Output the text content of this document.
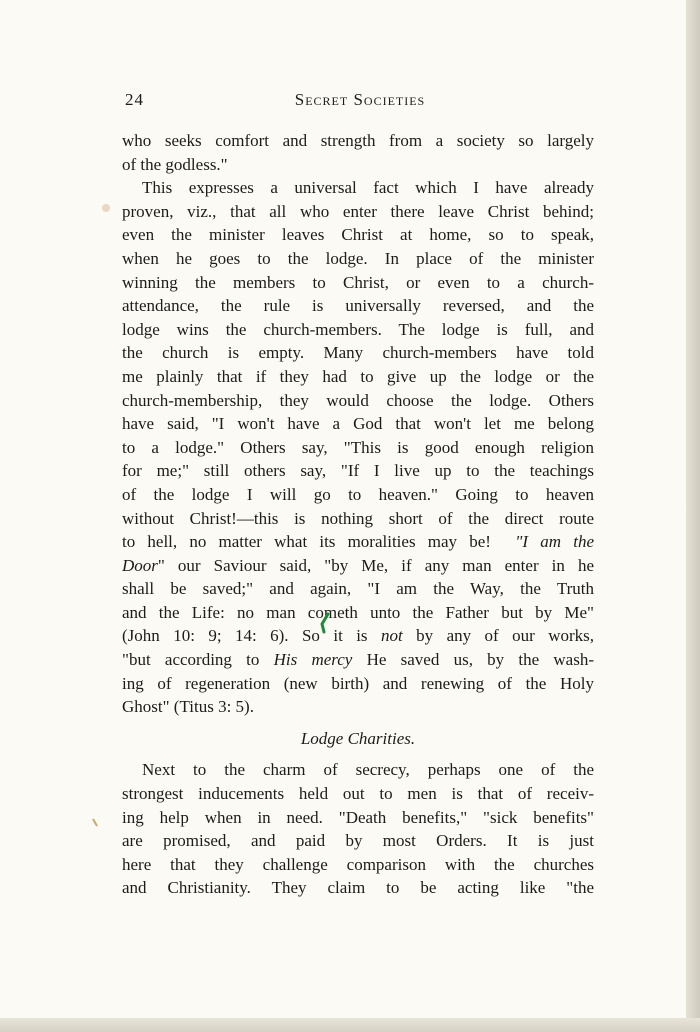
24	Secret Societies
who seeks comfort and strength from a society so largely
of the godless."
This expresses a universal fact which I have already
proven, viz., that all who enter there leave Christ behind;
even the minister leaves Christ at home, so to speak,
when he goes to the lodge. In place of the minister
winning the members to Christ, or even to a church-
attendance, the rule is universally reversed, and the
lodge wins the church-members. The lodge is full, and
the church is empty. Many church-members have told
me plainly that if they had to give up the lodge or the
church-membership, they would choose the lodge. Others
have said, "I won't have a God that won't let me belong
to a lodge." Others say, "This is good enough religion
for me;" still others say, "If I live up to the teachings
of the lodge I will go to heaven." Going to heaven
without Christ!—this is nothing short of the direct route
to hell, no matter what its moralities may be! "I am the
Door" our Saviour said, "by Me, if any man enter in he
shall be saved;" and again, "I am the Way, the Truth
and the Life: no man cometh unto the Father but by Me"
(John 10: 9; 14: 6). So it is not by any of our works,
"but according to His mercy He saved us, by the wash-
ing of regeneration (new birth) and renewing of the Holy
Ghost" (Titus 3: 5).
Lodge Charities.
Next to the charm of secrecy, perhaps one of the
strongest inducements held out to men is that of receiv-
ing help when in need. "Death benefits," "sick benefits"
are promised, and paid by most Orders. It is just
here that they challenge comparison with the churches
and Christianity. They claim to be acting like "the
